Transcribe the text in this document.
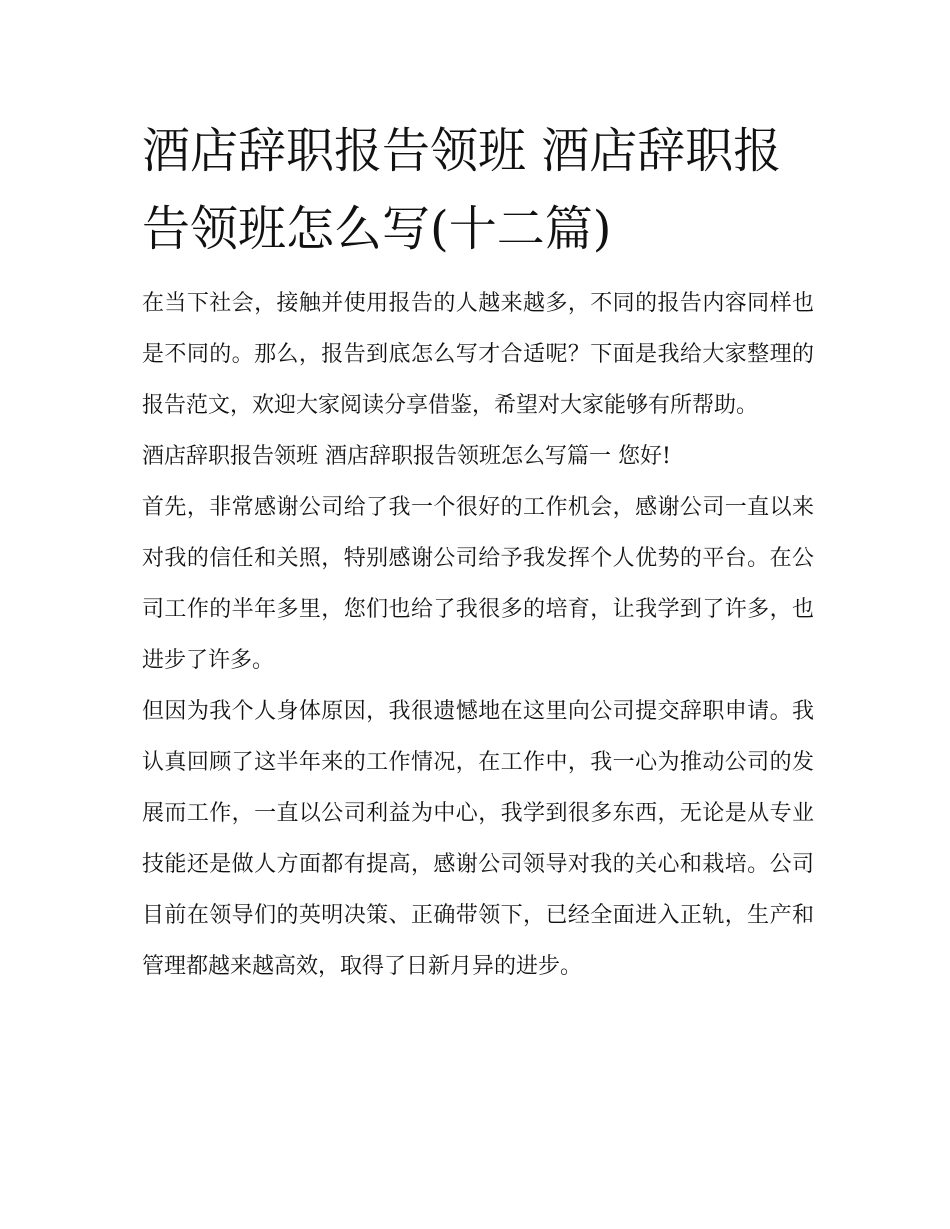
酒店辞职报告领班 酒店辞职报告领班怎么写(十二篇)

在当下社会，接触并使用报告的人越来越多，不同的报告内容同样也是不同的。那么，报告到底怎么写才合适呢？下面是我给大家整理的报告范文，欢迎大家阅读分享借鉴，希望对大家能够有所帮助。

酒店辞职报告领班 酒店辞职报告领班怎么写篇一 您好!

首先，非常感谢公司给了我一个很好的工作机会，感谢公司一直以来对我的信任和关照，特别感谢公司给予我发挥个人优势的平台。在公司工作的半年多里，您们也给了我很多的培育，让我学到了许多，也进步了许多。

但因为我个人身体原因，我很遗憾地在这里向公司提交辞职申请。我认真回顾了这半年来的工作情况，在工作中，我一心为推动公司的发展而工作，一直以公司利益为中心，我学到很多东西，无论是从专业技能还是做人方面都有提高，感谢公司领导对我的关心和栽培。公司目前在领导们的英明决策、正确带领下，已经全面进入正轨，生产和管理都越来越高效，取得了日新月异的进步。
